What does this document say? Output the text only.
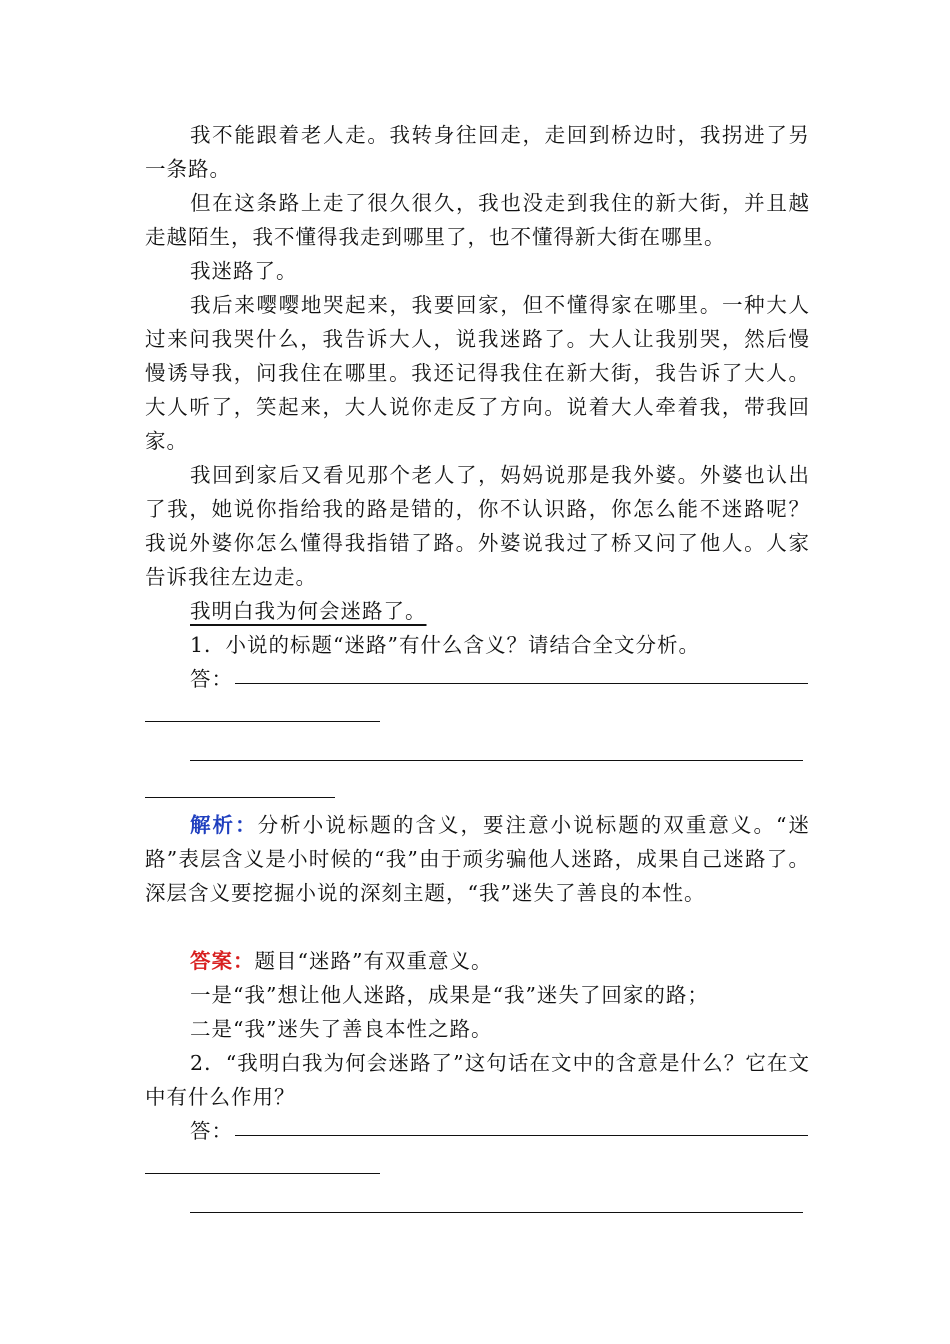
我不能跟着老人走。我转身往回走，走回到桥边时，我拐进了另一条路。
但在这条路上走了很久很久，我也没走到我住的新大街，并且越走越陌生，我不懂得我走到哪里了，也不懂得新大街在哪里。
我迷路了。
我后来嘤嘤地哭起来，我要回家，但不懂得家在哪里。一种大人过来问我哭什么，我告诉大人，说我迷路了。大人让我别哭，然后慢慢诱导我，问我住在哪里。我还记得我住在新大街，我告诉了大人。大人听了，笑起来，大人说你走反了方向。说着大人牵着我，带我回家。
我回到家后又看见那个老人了，妈妈说那是我外婆。外婆也认出了我，她说你指给我的路是错的，你不认识路，你怎么能不迷路呢？我说外婆你怎么懂得我指错了路。外婆说我过了桥又问了他人。人家告诉我往左边走。
我明白我为何会迷路了。
1．小说的标题“迷路”有什么含义？请结合全文分析。
答：
解析：分析小说标题的含义，要注意小说标题的双重意义。“迷路”表层含义是小时候的“我”由于顽劣骗他人迷路，成果自己迷路了。深层含义要挖掘小说的深刻主题，“我”迷失了善良的本性。
答案：题目“迷路”有双重意义。
一是“我”想让他人迷路，成果是“我”迷失了回家的路；
二是“我”迷失了善良本性之路。
2．“我明白我为何会迷路了”这句话在文中的含意是什么？它在文中有什么作用？
答：
